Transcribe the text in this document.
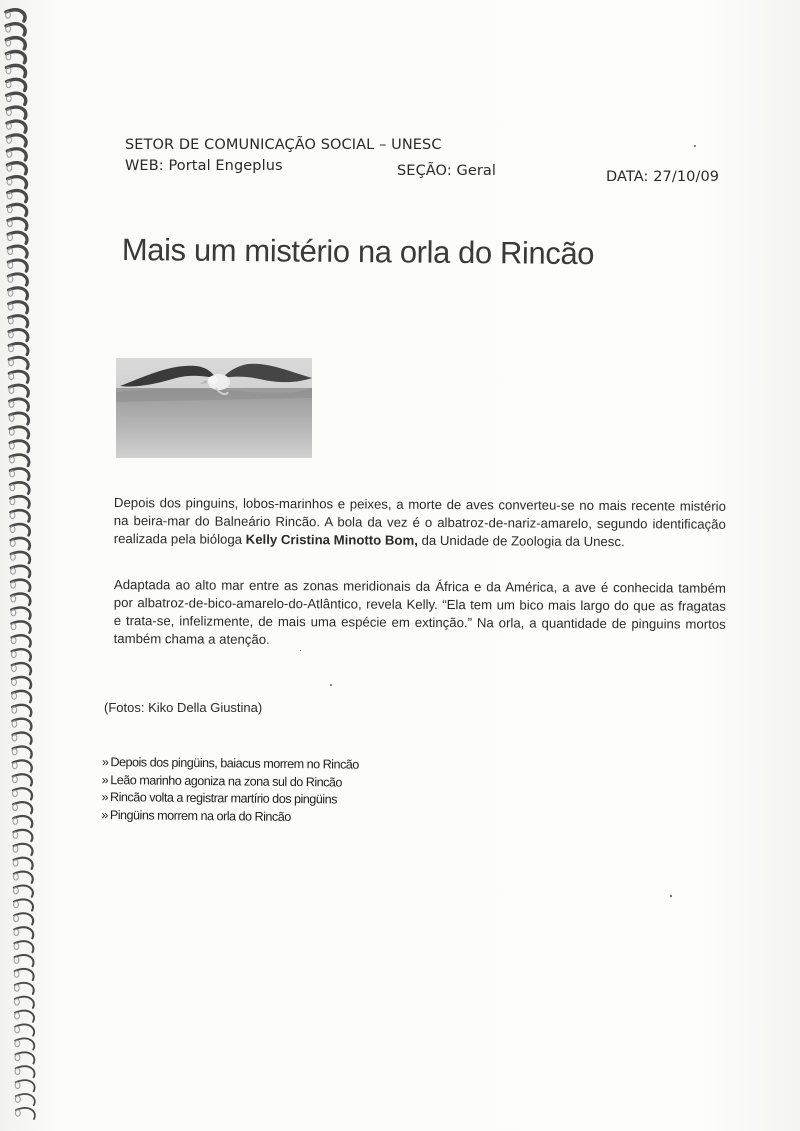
SETOR DE COMUNICAÇÃO SOCIAL – UNESC
WEB: Portal Engeplus	SEÇÃO: Geral	DATA: 27/10/09
Mais um mistério na orla do Rincão

Depois dos pinguins, lobos-marinhos e peixes, a morte de aves converteu-se no mais recente mistério na beira-mar do Balneário Rincão. A bola da vez é o albatroz-de-nariz-amarelo, segundo identificação realizada pela bióloga Kelly Cristina Minotto Bom, da Unidade de Zoologia da Unesc.

Adaptada ao alto mar entre as zonas meridionais da África e da América, a ave é conhecida também por albatroz-de-bico-amarelo-do-Atlântico, revela Kelly. “Ela tem um bico mais largo do que as fragatas e trata-se, infelizmente, de mais uma espécie em extinção.” Na orla, a quantidade de pinguins mortos também chama a atenção.

(Fotos: Kiko Della Giustina)
» Depois dos pingüins, baiacus morrem no Rincão
» Leão marinho agoniza na zona sul do Rincão
» Rincão volta a registrar martírio dos pingüins
» Pingüins morrem na orla do Rincão
